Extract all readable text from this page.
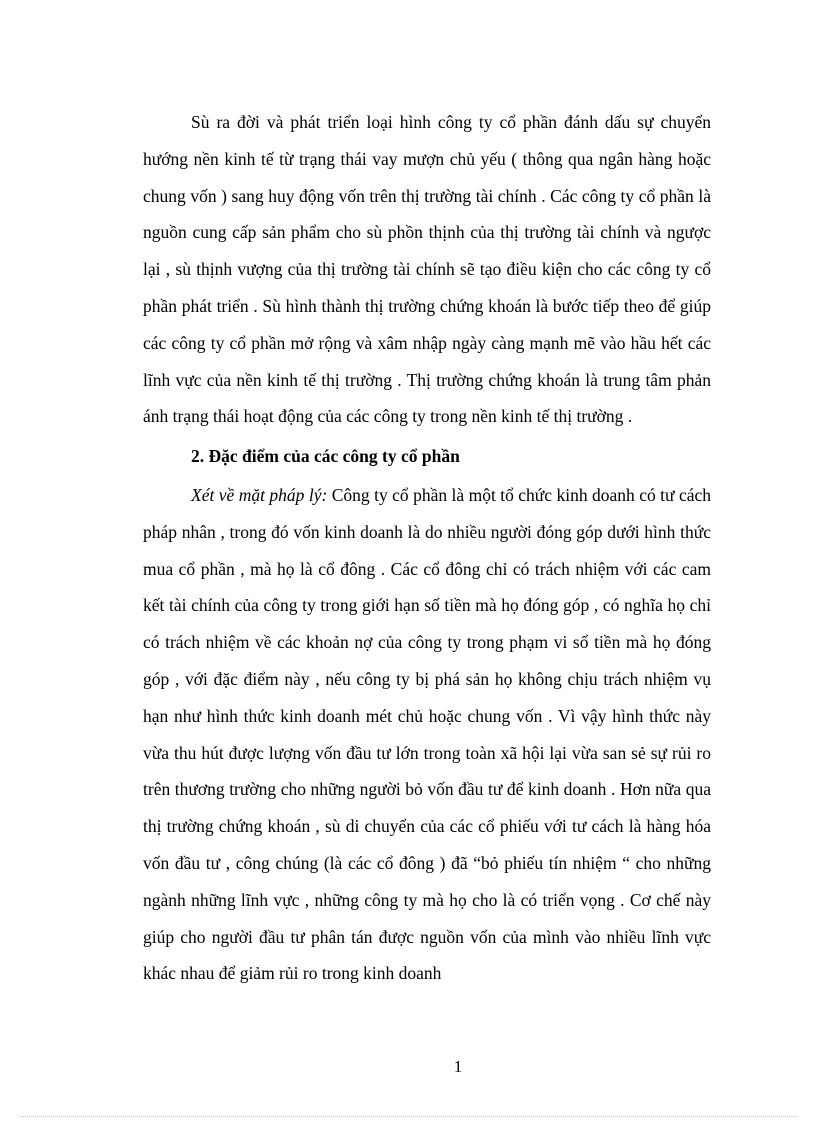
Sù ra đời và phát triển loại hình công ty cổ phần đánh dấu sự chuyển hướng nền kinh tế từ trạng thái vay mượn chủ yếu ( thông qua ngân hàng hoặc chung vốn ) sang huy động vốn trên thị trường tài chính . Các công ty cổ phần là nguồn cung cấp sản phẩm cho sù phồn thịnh của thị trường tài chính và ngược lại , sù thịnh vượng của thị trường tài chính sẽ tạo điều kiện cho các công ty cổ phần phát triển . Sù hình thành thị trường chứng khoán là bước tiếp theo để giúp các công ty cổ phần mở rộng và xâm nhập ngày càng mạnh mẽ vào hầu hết các lĩnh vực của nền kinh tế thị trường . Thị trường chứng khoán là trung tâm phản ánh trạng thái hoạt động của các công ty trong nền kinh tế thị trường .

2. Đặc điểm của các công ty cổ phần

Xét về mặt pháp lý: Công ty cổ phần là một tổ chức kinh doanh có tư cách pháp nhân , trong đó vốn kinh doanh là do nhiều người đóng góp dưới hình thức mua cổ phần , mà họ là cổ đông . Các cổ đông chỉ có trách nhiệm với các cam kết tài chính của công ty trong giới hạn số tiền mà họ đóng góp , có nghĩa họ chỉ có trách nhiệm về các khoản nợ của công ty trong phạm vi số tiền mà họ đóng góp , với đặc điểm này , nếu công ty bị phá sản họ không chịu trách nhiệm vụ hạn như hình thức kinh doanh mét chủ hoặc chung vốn . Vì vậy hình thức này vừa thu hút được lượng vốn đầu tư lớn trong toàn xã hội lại vừa san sẻ sự rủi ro trên thương trường cho những người bỏ vốn đầu tư để kinh doanh . Hơn nữa qua thị trường chứng khoán , sù di chuyển của các cổ phiếu với tư cách là hàng hóa vốn đầu tư , công chúng (là các cổ đông ) đã “bỏ phiếu tín nhiệm “ cho những ngành những lĩnh vực , những công ty mà họ cho là có triển vọng . Cơ chế này giúp cho người đầu tư phân tán được nguồn vốn của mình vào nhiều lĩnh vực khác nhau để giảm rủi ro trong kinh doanh

1
